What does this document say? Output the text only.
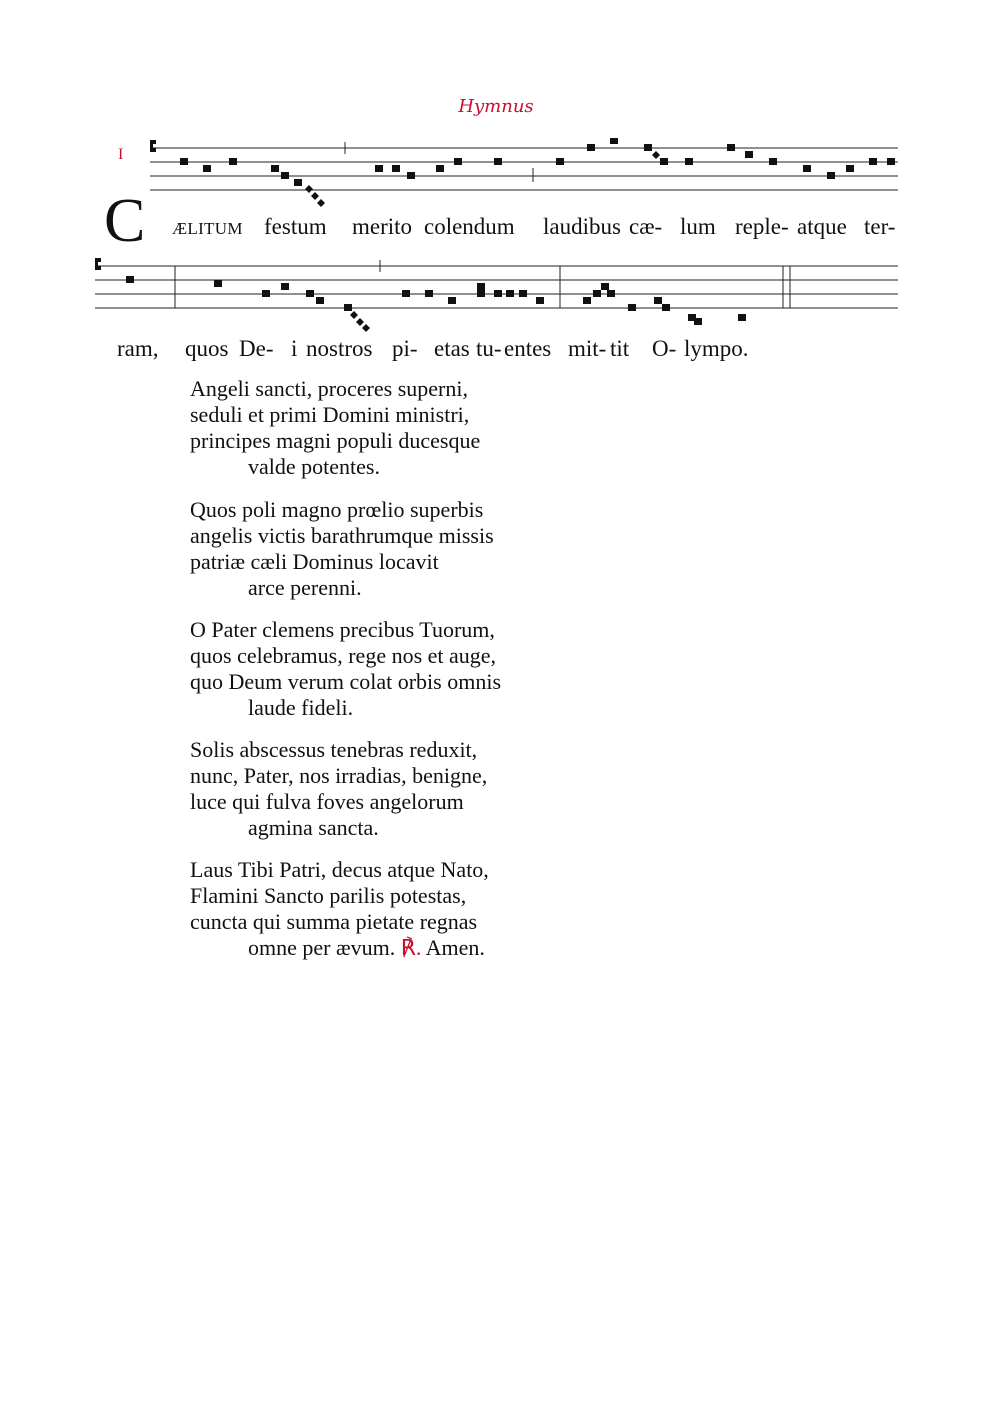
Hymnus
I
C ÆLITUM festum merito colendum laudibus cæ- lum reple- atque ter-
ram, quos De- i nostros pi- etas tu- entes mit- tit O- lympo.
Angeli sancti, proceres superni,
seduli et primi Domini ministri,
principes magni populi ducesque
valde potentes.
Quos poli magno prœlio superbis
angelis victis barathrumque missis
patriæ cæli Dominus locavit
arce perenni.
O Pater clemens precibus Tuorum,
quos celebramus, rege nos et auge,
quo Deum verum colat orbis omnis
laude fideli.
Solis abscessus tenebras reduxit,
nunc, Pater, nos irradias, benigne,
luce qui fulva foves angelorum
agmina sancta.
Laus Tibi Patri, decus atque Nato,
Flamini Sancto parilis potestas,
cuncta qui summa pietate regnas
omne per ævum. ℟. Amen.
